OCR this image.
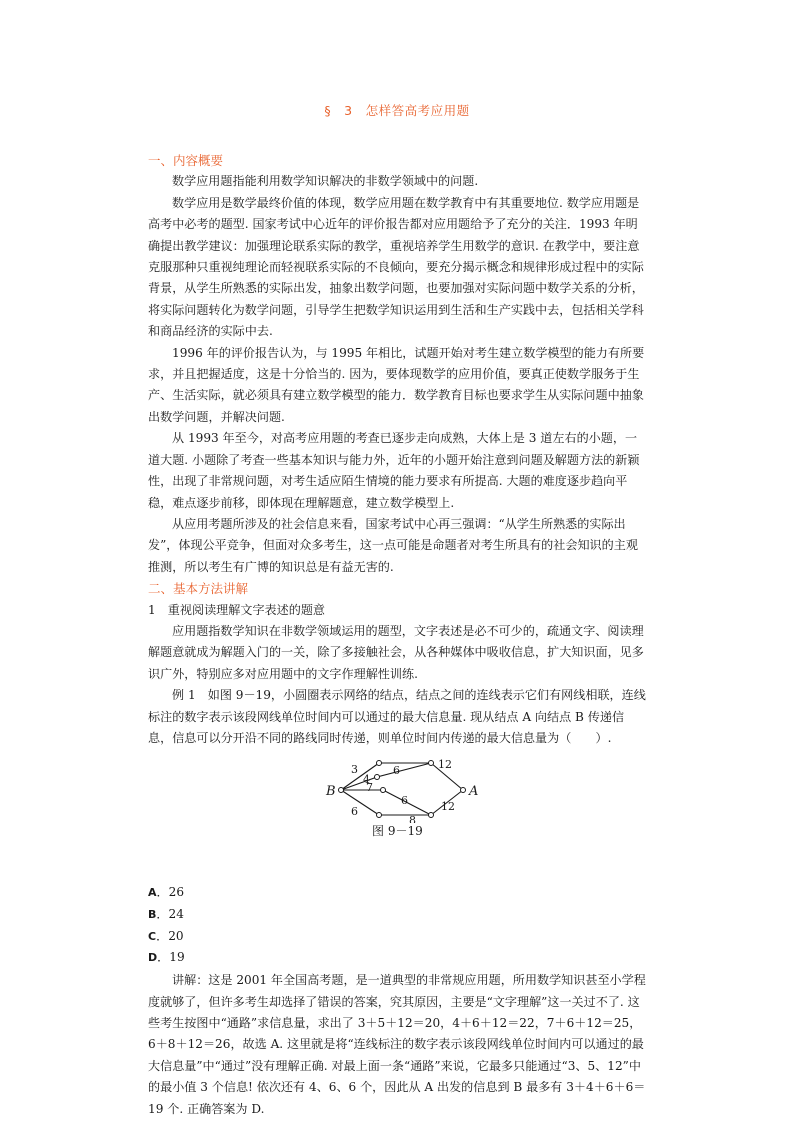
§　3　怎样答高考应用题

一、内容概要

数学应用题指能利用数学知识解决的非数学领域中的问题.

数学应用是数学最终价值的体现，数学应用题在数学教育中有其重要地位. 数学应用题是高考中必考的题型. 国家考试中心近年的评价报告都对应用题给予了充分的关注．1993 年明确提出教学建议：加强理论联系实际的教学，重视培养学生用数学的意识. 在教学中，要注意克服那种只重视纯理论而轻视联系实际的不良倾向，要充分揭示概念和规律形成过程中的实际背景，从学生所熟悉的实际出发，抽象出数学问题，也要加强对实际问题中数学关系的分析，将实际问题转化为数学问题，引导学生把数学知识运用到生活和生产实践中去，包括相关学科和商品经济的实际中去.

1996 年的评价报告认为，与 1995 年相比，试题开始对考生建立数学模型的能力有所要求，并且把握适度，这是十分恰当的. 因为，要体现数学的应用价值，要真正使数学服务于生产、生活实际，就必须具有建立数学模型的能力．数学教育目标也要求学生从实际问题中抽象出数学问题，并解决问题.

从 1993 年至今，对高考应用题的考查已逐步走向成熟，大体上是 3 道左右的小题，一道大题. 小题除了考查一些基本知识与能力外，近年的小题开始注意到问题及解题方法的新颖性，出现了非常规问题，对考生适应陌生情境的能力要求有所提高. 大题的难度逐步趋向平稳，难点逐步前移，即体现在理解题意，建立数学模型上.

从应用考题所涉及的社会信息来看，国家考试中心再三强调：“从学生所熟悉的实际出发”，体现公平竞争，但面对众多考生，这一点可能是命题者对考生所具有的社会知识的主观推测，所以考生有广博的知识总是有益无害的.

二、基本方法讲解

1　重视阅读理解文字表述的题意

应用题指数学知识在非数学领域运用的题型，文字表述是必不可少的，疏通文字、阅读理解题意就成为解题入门的一关，除了多接触社会，从各种媒体中吸收信息，扩大知识面，见多识广外，特别应多对应用题中的文字作理解性训练.

例 1　如图 9－19，小圆圈表示网络的结点，结点之间的连线表示它们有网线相联，连线标注的数字表示该段网线单位时间内可以通过的最大信息量. 现从结点 A 向结点 B 传递信息，信息可以分开沿不同的路线同时传递，则单位时间内传递的最大信息量为（　　）.

B	A
3
4
6	12
7
6
6
8
12
图 9－19

A．26

B．24

C．20

D．19

讲解：这是 2001 年全国高考题，是一道典型的非常规应用题，所用数学知识甚至小学程度就够了，但许多考生却选择了错误的答案，究其原因，主要是“文字理解”这一关过不了. 这些考生按图中“通路”求信息量，求出了 3＋5＋12＝20，4＋6＋12＝22，7＋6＋12＝25，6＋8＋12＝26，故选 A. 这里就是将“连线标注的数字表示该段网线单位时间内可以通过的最大信息量”中“通过”没有理解正确. 对最上面一条“通路”来说，它最多只能通过“3、5、12”中的最小值 3 个信息! 依次还有 4、6、6 个，因此从 A 出发的信息到 B 最多有 3＋4＋6＋6＝19 个. 正确答案为 D.
